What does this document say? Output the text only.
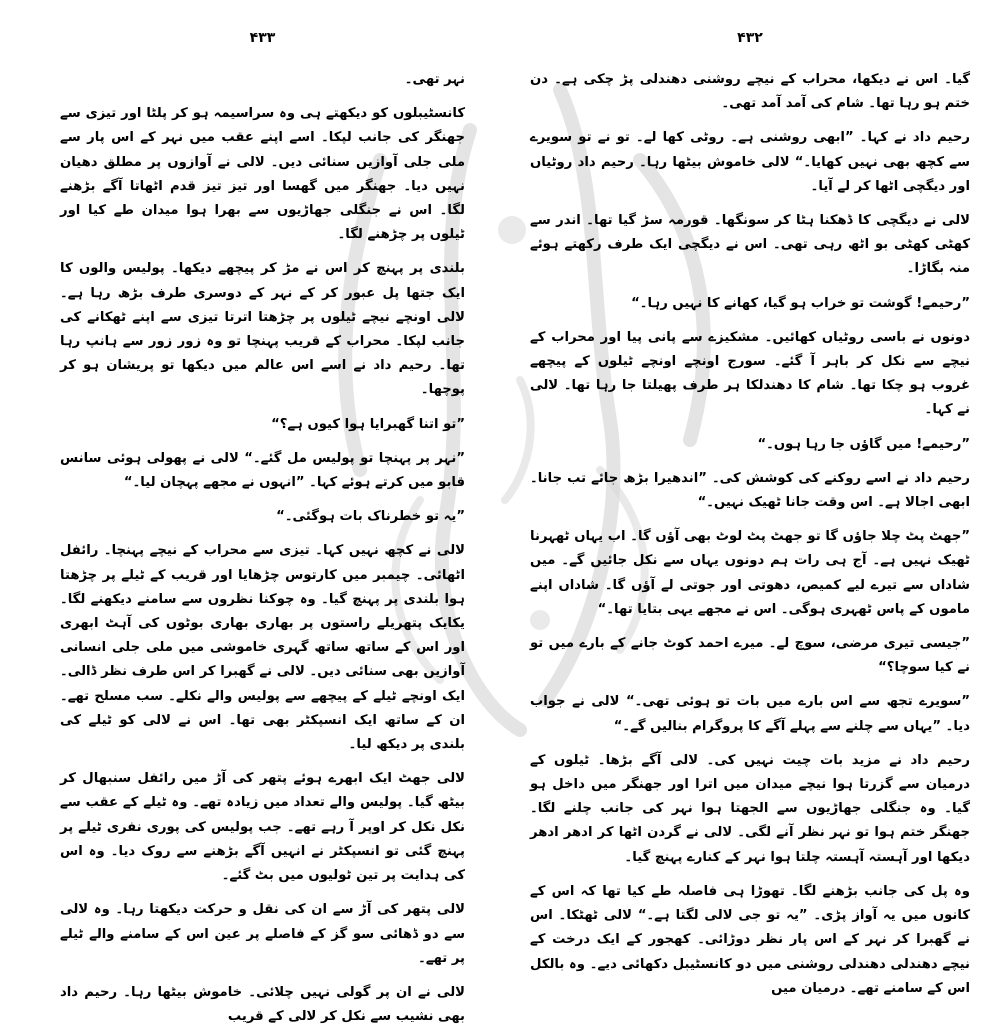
۴۳۳

نہر تھی۔

کانسٹیبلوں کو دیکھتے ہی وہ سراسیمہ ہو کر پلٹا اور تیزی سے جھنگر کی جانب لپکا۔ اسے اپنے عقب میں نہر کے اس پار سے ملی جلی آوازیں سنائی دیں۔ لالی نے آوازوں پر مطلق دھیان نہیں دیا۔ جھنگر میں گھسا اور تیز تیز قدم اٹھاتا آگے بڑھنے لگا۔ اس نے جنگلی جھاڑیوں سے بھرا ہوا میدان طے کیا اور ٹیلوں پر چڑھنے لگا۔

بلندی پر پہنچ کر اس نے مڑ کر پیچھے دیکھا۔ پولیس والوں کا ایک جتھا پل عبور کر کے نہر کے دوسری طرف بڑھ رہا ہے۔ لالی اونچے نیچے ٹیلوں پر چڑھتا اترتا تیزی سے اپنے ٹھکانے کی جانب لپکا۔ محراب کے قریب پہنچا تو وہ زور زور سے ہانپ رہا تھا۔ رحیم داد نے اسے اس عالم میں دیکھا تو پریشان ہو کر پوچھا۔

”تو اتنا گھبرایا ہوا کیوں ہے؟“

”نہر پر پہنچا تو پولیس مل گئے۔“ لالی نے پھولی ہوئی سانس قابو میں کرتے ہوئے کہا۔ ”انہوں نے مجھے پہچان لیا۔“

”یہ تو خطرناک بات ہوگئی۔“

لالی نے کچھ نہیں کہا۔ تیزی سے محراب کے نیچے پہنچا۔ رائفل اٹھائی۔ چیمبر میں کارتوس چڑھایا اور قریب کے ٹیلے پر چڑھتا ہوا بلندی پر پہنچ گیا۔ وہ چوکنا نظروں سے سامنے دیکھنے لگا۔ یکایک پتھریلے راستوں پر بھاری بھاری بوٹوں کی آہٹ ابھری اور اس کے ساتھ ساتھ گہری خاموشی میں ملی جلی انسانی آوازیں بھی سنائی دیں۔ لالی نے گھبرا کر اس طرف نظر ڈالی۔ ایک اونچے ٹیلے کے پیچھے سے پولیس والے نکلے۔ سب مسلح تھے۔ ان کے ساتھ ایک انسپکٹر بھی تھا۔ اس نے لالی کو ٹیلے کی بلندی پر دیکھ لیا۔

لالی جھٹ ایک ابھرے ہوئے پتھر کی آڑ میں رائفل سنبھال کر بیٹھ گیا۔ پولیس والے تعداد میں زیادہ تھے۔ وہ ٹیلے کے عقب سے نکل نکل کر اوپر آ رہے تھے۔ جب پولیس کی پوری نفری ٹیلے پر پہنچ گئی تو انسپکٹر نے انہیں آگے بڑھنے سے روک دیا۔ وہ اس کی ہدایت پر تین ٹولیوں میں بٹ گئے۔

لالی پتھر کی آڑ سے ان کی نقل و حرکت دیکھتا رہا۔ وہ لالی سے دو ڈھائی سو گز کے فاصلے پر عین اس کے سامنے والے ٹیلے پر تھے۔

لالی نے ان پر گولی نہیں چلائی۔ خاموش بیٹھا رہا۔ رحیم داد بھی نشیب سے نکل کر لالی کے قریب

۴۳۲

گیا۔ اس نے دیکھا، محراب کے نیچے روشنی دھندلی پڑ چکی ہے۔ دن ختم ہو رہا تھا۔ شام کی آمد آمد تھی۔

رحیم داد نے کہا۔ ”ابھی روشنی ہے۔ روٹی کھا لے۔ تو نے تو سویرے سے کچھ بھی نہیں کھایا۔“ لالی خاموش بیٹھا رہا۔ رحیم داد روٹیاں اور دیگچی اٹھا کر لے آیا۔

لالی نے دیگچی کا ڈھکنا ہٹا کر سونگھا۔ قورمہ سڑ گیا تھا۔ اندر سے کھٹی کھٹی بو اٹھ رہی تھی۔ اس نے دیگچی ایک طرف رکھتے ہوئے منہ بگاڑا۔

”رحیمے! گوشت تو خراب ہو گیا، کھانے کا نہیں رہا۔“

دونوں نے باسی روٹیاں کھائیں۔ مشکیزے سے پانی پیا اور محراب کے نیچے سے نکل کر باہر آ گئے۔ سورج اونچے اونچے ٹیلوں کے پیچھے غروب ہو چکا تھا۔ شام کا دھندلکا ہر طرف پھیلتا جا رہا تھا۔ لالی نے کہا۔

”رحیمے! میں گاؤں جا رہا ہوں۔“

رحیم داد نے اسے روکنے کی کوشش کی۔ ”اندھیرا بڑھ جائے تب جانا۔ ابھی اجالا ہے۔ اس وقت جانا ٹھیک نہیں۔“

”جھٹ پٹ چلا جاؤں گا تو جھٹ پٹ لوٹ بھی آؤں گا۔ اب یہاں ٹھہرنا ٹھیک نہیں ہے۔ آج ہی رات ہم دونوں یہاں سے نکل جائیں گے۔ میں شاداں سے تیرے لیے کمیص، دھوتی اور جوتی لے آؤں گا۔ شاداں اپنے ماموں کے پاس ٹھہری ہوگی۔ اس نے مجھے یہی بتایا تھا۔“

”جیسی تیری مرضی، سوچ لے۔ میرے احمد کوٹ جانے کے بارے میں تو نے کیا سوچا؟“

”سویرے تجھ سے اس بارے میں بات تو ہوئی تھی۔“ لالی نے جواب دیا۔ ”یہاں سے چلنے سے پہلے آگے کا پروگرام بنالیں گے۔“

رحیم داد نے مزید بات چیت نہیں کی۔ لالی آگے بڑھا۔ ٹیلوں کے درمیان سے گزرتا ہوا نیچے میدان میں اترا اور جھنگر میں داخل ہو گیا۔ وہ جنگلی جھاڑیوں سے الجھتا ہوا نہر کی جانب چلنے لگا۔ جھنگر ختم ہوا تو نہر نظر آنے لگی۔ لالی نے گردن اٹھا کر ادھر ادھر دیکھا اور آہستہ آہستہ چلتا ہوا نہر کے کنارے پہنچ گیا۔

وہ پل کی جانب بڑھنے لگا۔ تھوڑا ہی فاصلہ طے کیا تھا کہ اس کے کانوں میں یہ آواز پڑی۔ ”یہ تو جی لالی لگتا ہے۔“ لالی ٹھٹکا۔ اس نے گھبرا کر نہر کے اس پار نظر دوڑائی۔ کھجور کے ایک درخت کے نیچے دھندلی دھندلی روشنی میں دو کانسٹیبل دکھائی دیے۔ وہ بالکل اس کے سامنے تھے۔ درمیان میں
